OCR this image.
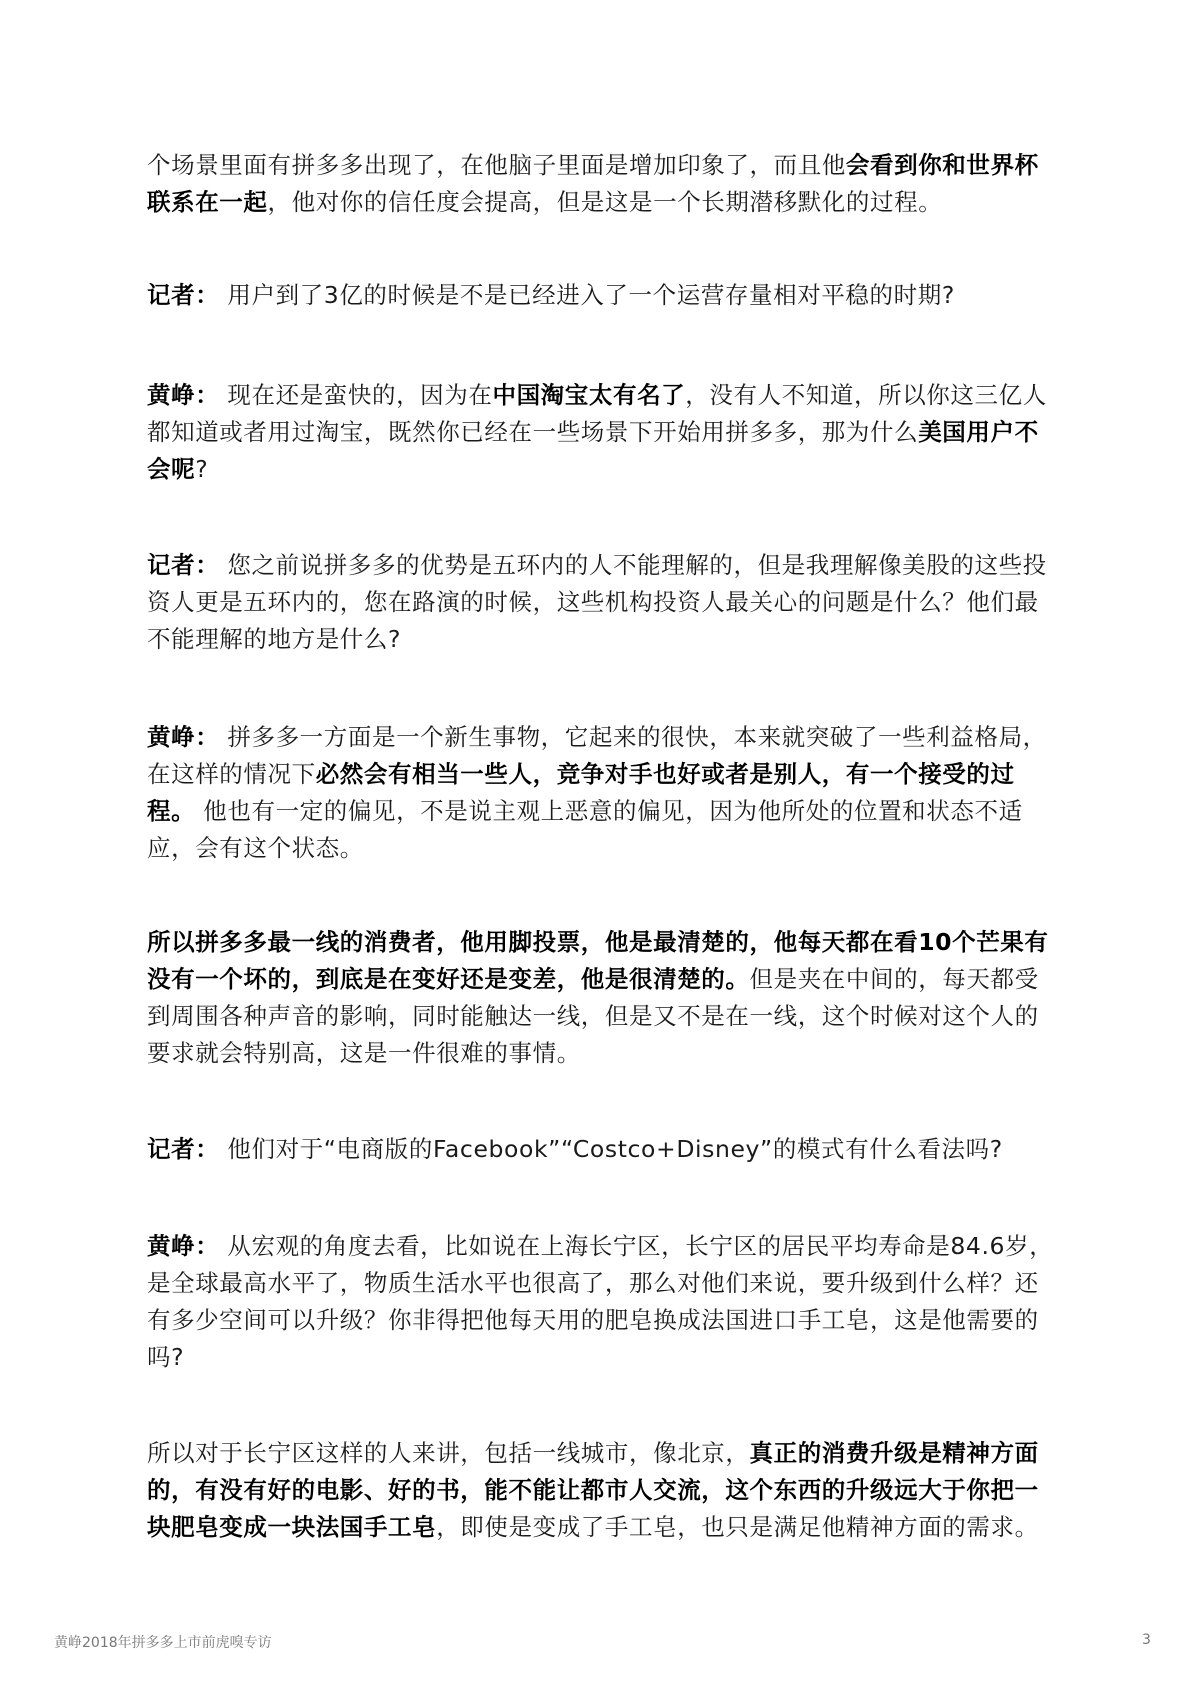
个场景里面有拼多多出现了，在他脑子里面是增加印象了，而且他会看到你和世界杯
联系在一起，他对你的信任度会提高，但是这是一个长期潜移默化的过程。
记者： 用户到了3亿的时候是不是已经进入了一个运营存量相对平稳的时期?
黄峥： 现在还是蛮快的，因为在中国淘宝太有名了，没有人不知道，所以你这三亿人
都知道或者用过淘宝，既然你已经在一些场景下开始用拼多多，那为什么美国用户不
会呢?
记者： 您之前说拼多多的优势是五环内的人不能理解的，但是我理解像美股的这些投
资人更是五环内的，您在路演的时候，这些机构投资人最关心的问题是什么？他们最
不能理解的地方是什么?
黄峥： 拼多多一方面是一个新生事物，它起来的很快，本来就突破了一些利益格局，
在这样的情况下必然会有相当一些人，竞争对手也好或者是别人，有一个接受的过
程。 他也有一定的偏见，不是说主观上恶意的偏见，因为他所处的位置和状态不适
应，会有这个状态。
所以拼多多最一线的消费者，他用脚投票，他是最清楚的，他每天都在看10个芒果有
没有一个坏的，到底是在变好还是变差，他是很清楚的。但是夹在中间的，每天都受
到周围各种声音的影响，同时能触达一线，但是又不是在一线，这个时候对这个人的
要求就会特别高，这是一件很难的事情。
记者： 他们对于“电商版的Facebook”“Costco+Disney”的模式有什么看法吗?
黄峥： 从宏观的角度去看，比如说在上海长宁区，长宁区的居民平均寿命是84.6岁，
是全球最高水平了，物质生活水平也很高了，那么对他们来说，要升级到什么样？还
有多少空间可以升级？你非得把他每天用的肥皂换成法国进口手工皂，这是他需要的
吗?
所以对于长宁区这样的人来讲，包括一线城市，像北京，真正的消费升级是精神方面
的，有没有好的电影、好的书，能不能让都市人交流，这个东西的升级远大于你把一
块肥皂变成一块法国手工皂，即使是变成了手工皂，也只是满足他精神方面的需求。
黄峥2018年拼多多上市前虎嗅专访	3
